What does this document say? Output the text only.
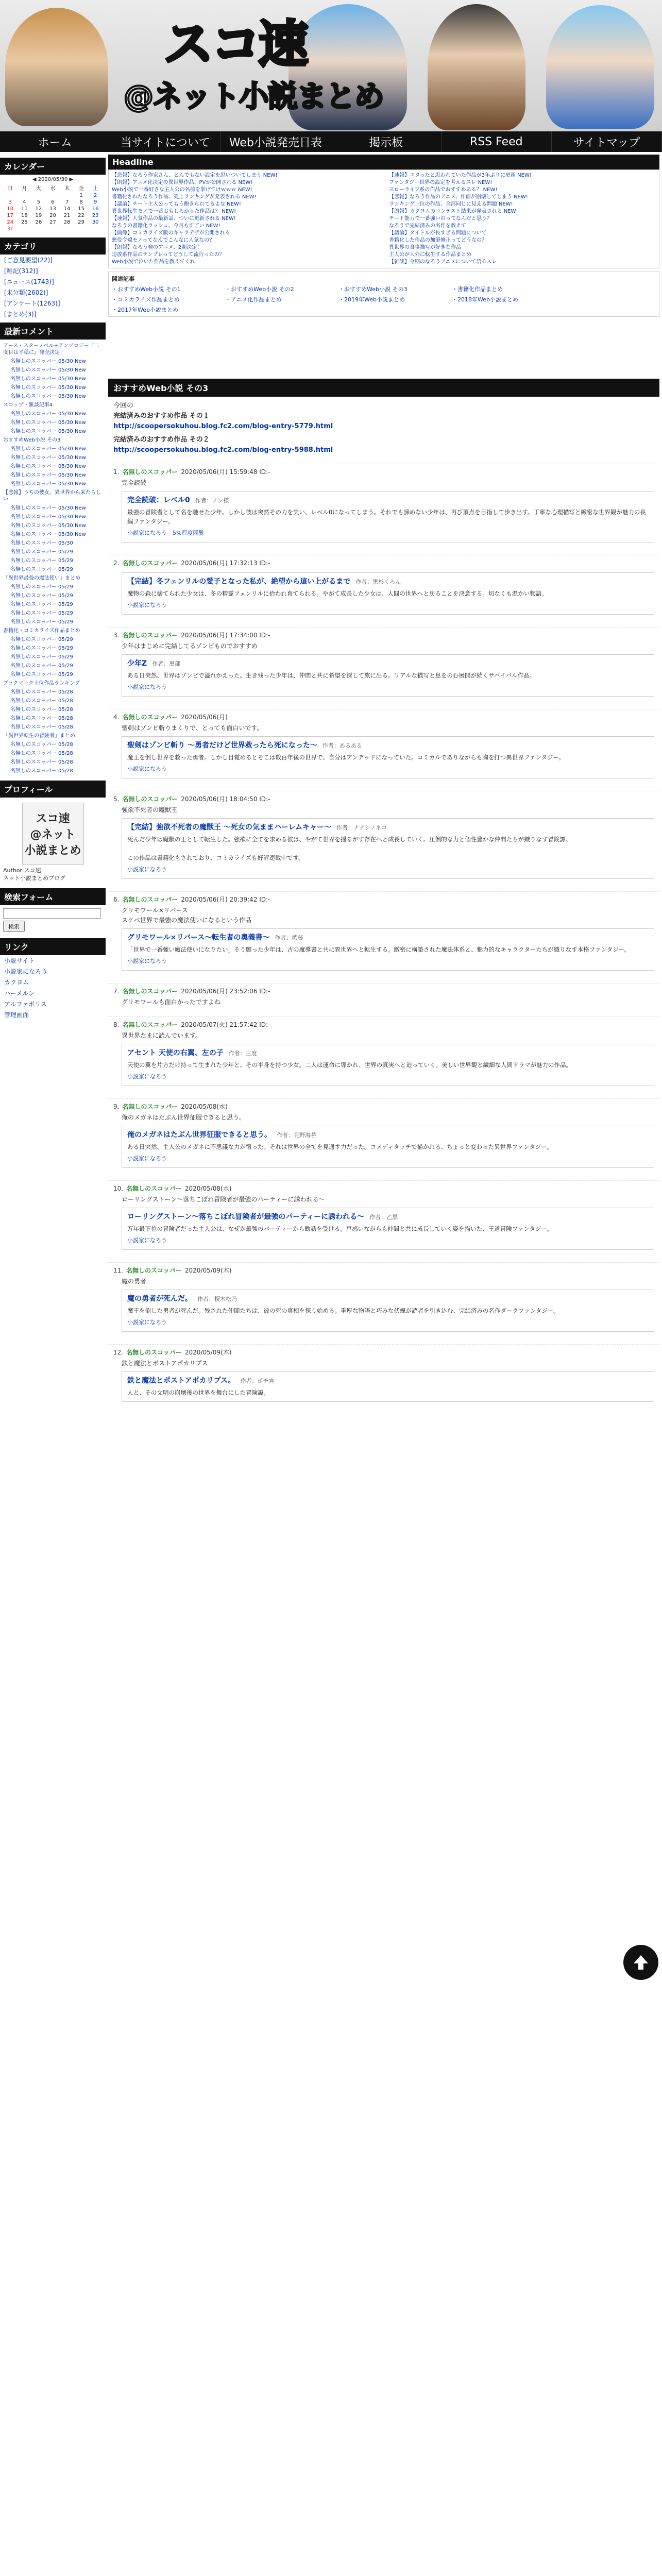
スコ速
@ネット小説まとめ
ホーム	当サイトについて	Web小説発売日表	掲示板	RSS Feed	サイトマップ
カレンダー
◀ 2020/05/30 ▶
日	月	火	水	木	金	土
					1	2
3	4	5	6	7	8	9
10	11	12	13	14	15	16
17	18	19	20	21	22	23
24	25	26	27	28	29	30
31						
カテゴリ
[ご意見要望(22)]
[雑記(312)]
[ニュース(1743)]
[未分類(2602)]
[アンケート(1263)]
[まとめ(3)]
最新コメント
アース・スターノベル+アンソロジー『二度目は平穏に』発売決定！
名無しのスコッパー 05/30 New
名無しのスコッパー 05/30 New
名無しのスコッパー 05/30 New
名無しのスコッパー 05/30 New
名無しのスコッパー 05/30 New
スコップ・雑談記事4
名無しのスコッパー 05/30 New
名無しのスコッパー 05/30 New
名無しのスコッパー 05/30 New
おすすめWeb小説 その3
名無しのスコッパー 05/30 New
名無しのスコッパー 05/30 New
名無しのスコッパー 05/30 New
名無しのスコッパー 05/30 New
名無しのスコッパー 05/30 New
【悲報】うちの彼女、異世界から来たらしい
名無しのスコッパー 05/30 New
名無しのスコッパー 05/30 New
名無しのスコッパー 05/30 New
名無しのスコッパー 05/30 New
名無しのスコッパー 05/30
名無しのスコッパー 05/29
名無しのスコッパー 05/29
名無しのスコッパー 05/29
「異世界最強の魔法使い」まとめ
名無しのスコッパー 05/29
名無しのスコッパー 05/29
名無しのスコッパー 05/29
名無しのスコッパー 05/29
名無しのスコッパー 05/29
書籍化・コミカライズ作品まとめ
名無しのスコッパー 05/29
名無しのスコッパー 05/29
名無しのスコッパー 05/29
名無しのスコッパー 05/29
名無しのスコッパー 05/29
ブックマーク上位作品ランキング
名無しのスコッパー 05/28
名無しのスコッパー 05/28
名無しのスコッパー 05/28
名無しのスコッパー 05/28
名無しのスコッパー 05/28
「異世界転生の冒険者」まとめ
名無しのスコッパー 05/28
名無しのスコッパー 05/28
名無しのスコッパー 05/28
名無しのスコッパー 05/28
プロフィール
スコ速
@ネット
小説まとめ
Author:スコ速
ネット小説まとめブログ
検索フォーム
検索
リンク
小説サイト
小説家になろう
カクヨム
ハーメルン
アルファポリス
管理画面
Headline
【悲報】なろう作家さん、とんでもない設定を思いついてしまう NEW!
【朗報】アニメ化決定の異世界作品、PVが公開される NEW!
Web小説で一番好きな主人公の名前を挙げてけｗｗｗ NEW!
書籍化されたなろう作品、売上ランキングが発表される NEW!
【議論】チート主人公ってもう飽きられてるよな NEW!
異世界転生モノで一番おもしろかった作品は？ NEW!
【速報】人気作品の最新話、ついに更新される NEW!
なろうの書籍化ラッシュ、今月もすごい NEW!
【画像】コミカライズ版のキャラデザが公開される
悪役令嬢モノってなんでこんなに人気なの？
【朗報】なろう発のアニメ、2期決定！
追放系作品のテンプレってどうして流行ったの？
Web小説で泣いた作品を教えてくれ
【速報】エタったと思われていた作品が3年ぶりに更新 NEW!
ファンタジー世界の設定を考えるスレ NEW!
スローライフ系の作品でおすすめある？ NEW!
【悲報】なろう作品のアニメ、作画が崩壊してしまう NEW!
ランキング上位の作品、全部同じに見える問題 NEW!
【朗報】カクヨムのコンテスト結果が発表される NEW!
チート能力で一番強いのってなんだと思う？
なろうで完結済みの名作を教えて
【議論】タイトルが長すぎる問題について
書籍化した作品の加筆修正ってどうなの？
異世界の食事描写が好きな作品
主人公が人外に転生する作品まとめ
【雑談】今期のなろうアニメについて語るスレ
関連記事
・おすすめWeb小説 その1	・おすすめWeb小説 その2	・おすすめWeb小説 その3	・書籍化作品まとめ
・コミカライズ作品まとめ	・アニメ化作品まとめ	・2019年Web小説まとめ	・2018年Web小説まとめ
・2017年Web小説まとめ
おすすめWeb小説 その3
今回の
完結済みのおすすめ作品 その１
http://scoopersokuhou.blog.fc2.com/blog-entry-5779.html
完結済みのおすすめ作品 その２
http://scoopersokuhou.blog.fc2.com/blog-entry-5988.html
1. 名無しのスコッパー 2020/05/06(月) 15:59:48 ID:-
完全読破
完全読破：レベル0 作者：ノン様
最強の冒険者として名を馳せた少年。しかし彼は突然その力を失い、レベル0になってしまう。それでも諦めない少年は、再び頂点を目指して歩き出す。丁寧な心理描写と緻密な世界観が魅力の長編ファンタジー。
小説家になろう　5%程度閲覧
2. 名無しのスコッパー 2020/05/06(月) 17:32:13 ID:-
【完結】冬フェンリルの愛子となった私が、絶望から這い上がるまで 作者：黒杉くろん
魔物の森に捨てられた少女は、冬の精霊フェンリルに拾われ育てられる。やがて成長した少女は、人間の世界へと戻ることを決意する。切なくも温かい物語。
小説家になろう
3. 名無しのスコッパー 2020/05/06(月) 17:34:00 ID:-
少年はまじめに完結してるゾンビものでおすすめ
少年Z 作者：黒部
ある日突然、世界はゾンビで溢れかえった。生き残った少年は、仲間と共に希望を探して旅に出る。リアルな描写と息をのむ展開が続くサバイバル作品。
小説家になろう
4. 名無しのスコッパー 2020/05/06(月)
聖剣はゾンビ斬りまくりで、とっても面白いです。
聖剣はゾンビ斬り ～勇者だけど世界救ったら死になった～ 作者：あるある
魔王を倒し世界を救った勇者。しかし目覚めるとそこは数百年後の世界で、自分はアンデッドになっていた。コミカルでありながらも胸を打つ異世界ファンタジー。
小説家になろう
5. 名無しのスコッパー 2020/05/06(月) 18:04:50 ID:-
強欲不死者の魔獣王
【完結】強欲不死者の魔獣王 ～死女の気ままハーレムキャー～ 作者：ナナシノネコ
死んだ少年は魔獣の王として転生した。強欲に全てを求める彼は、やがて世界を揺るがす存在へと成長していく。圧倒的な力と個性豊かな仲間たちが織りなす冒険譚。

この作品は書籍化もされており、コミカライズも好評連載中です。
小説家になろう
6. 名無しのスコッパー 2020/05/06(月) 20:39:42 ID:-
グリモワール×リバース
スケベ世界で最強の魔法使いになるという作品
グリモワール×リバース～転生者の奥義書～ 作者：藍藤
「世界で一番強い魔法使いになりたい」そう願った少年は、古の魔導書と共に異世界へと転生する。緻密に構築された魔法体系と、魅力的なキャラクターたちが織りなす本格ファンタジー。
小説家になろう
7. 名無しのスコッパー 2020/05/06(月) 23:52:06 ID:-
グリモワールも面白かったですよね
8. 名無しのスコッパー 2020/05/07(火) 21:57:42 ID:-
異世界たまに読んでいます。
アセント 天使の右翼、左の子 作者：三度
天使の翼を片方だけ持って生まれた少年と、その半身を持つ少女。二人は運命に導かれ、世界の真実へと迫っていく。美しい世界観と繊細な人間ドラマが魅力の作品。
小説家になろう
9. 名無しのスコッパー 2020/05/08(水)
俺のメガネはたぶん世界征服できると思う。
俺のメガネはたぶん世界征服できると思う。 作者：見野海苔
ある日突然、主人公のメガネに不思議な力が宿った。それは世界の全てを見通す力だった。コメディタッチで描かれる、ちょっと変わった異世界ファンタジー。
小説家になろう
10. 名無しのスコッパー 2020/05/08(水)
ローリングストーン〜落ちこぼれ冒険者が最強のパーティーに誘われる〜
ローリングストーン〜落ちこぼれ冒険者が最強のパーティーに誘われる〜 作者：乙黒
万年最下位の冒険者だった主人公は、なぜか最強のパーティーから勧誘を受ける。戸惑いながらも仲間と共に成長していく姿を描いた、王道冒険ファンタジー。
小説家になろう
11. 名無しのスコッパー 2020/05/09(木)
魔の勇者
魔の勇者が死んだ。 作者：榎木松乃
魔王を倒した勇者が死んだ。残された仲間たちは、彼の死の真相を探り始める。重厚な物語と巧みな伏線が読者を引き込む、完結済みの名作ダークファンタジー。
小説家になろう
12. 名無しのスコッパー 2020/05/09(木)
鉄と魔法とポストアポカリプス
鉄と魔法とポストアポカリプス。 作者：ポチ宮
人と、その文明の崩壊後の世界を舞台にした冒険譚。
